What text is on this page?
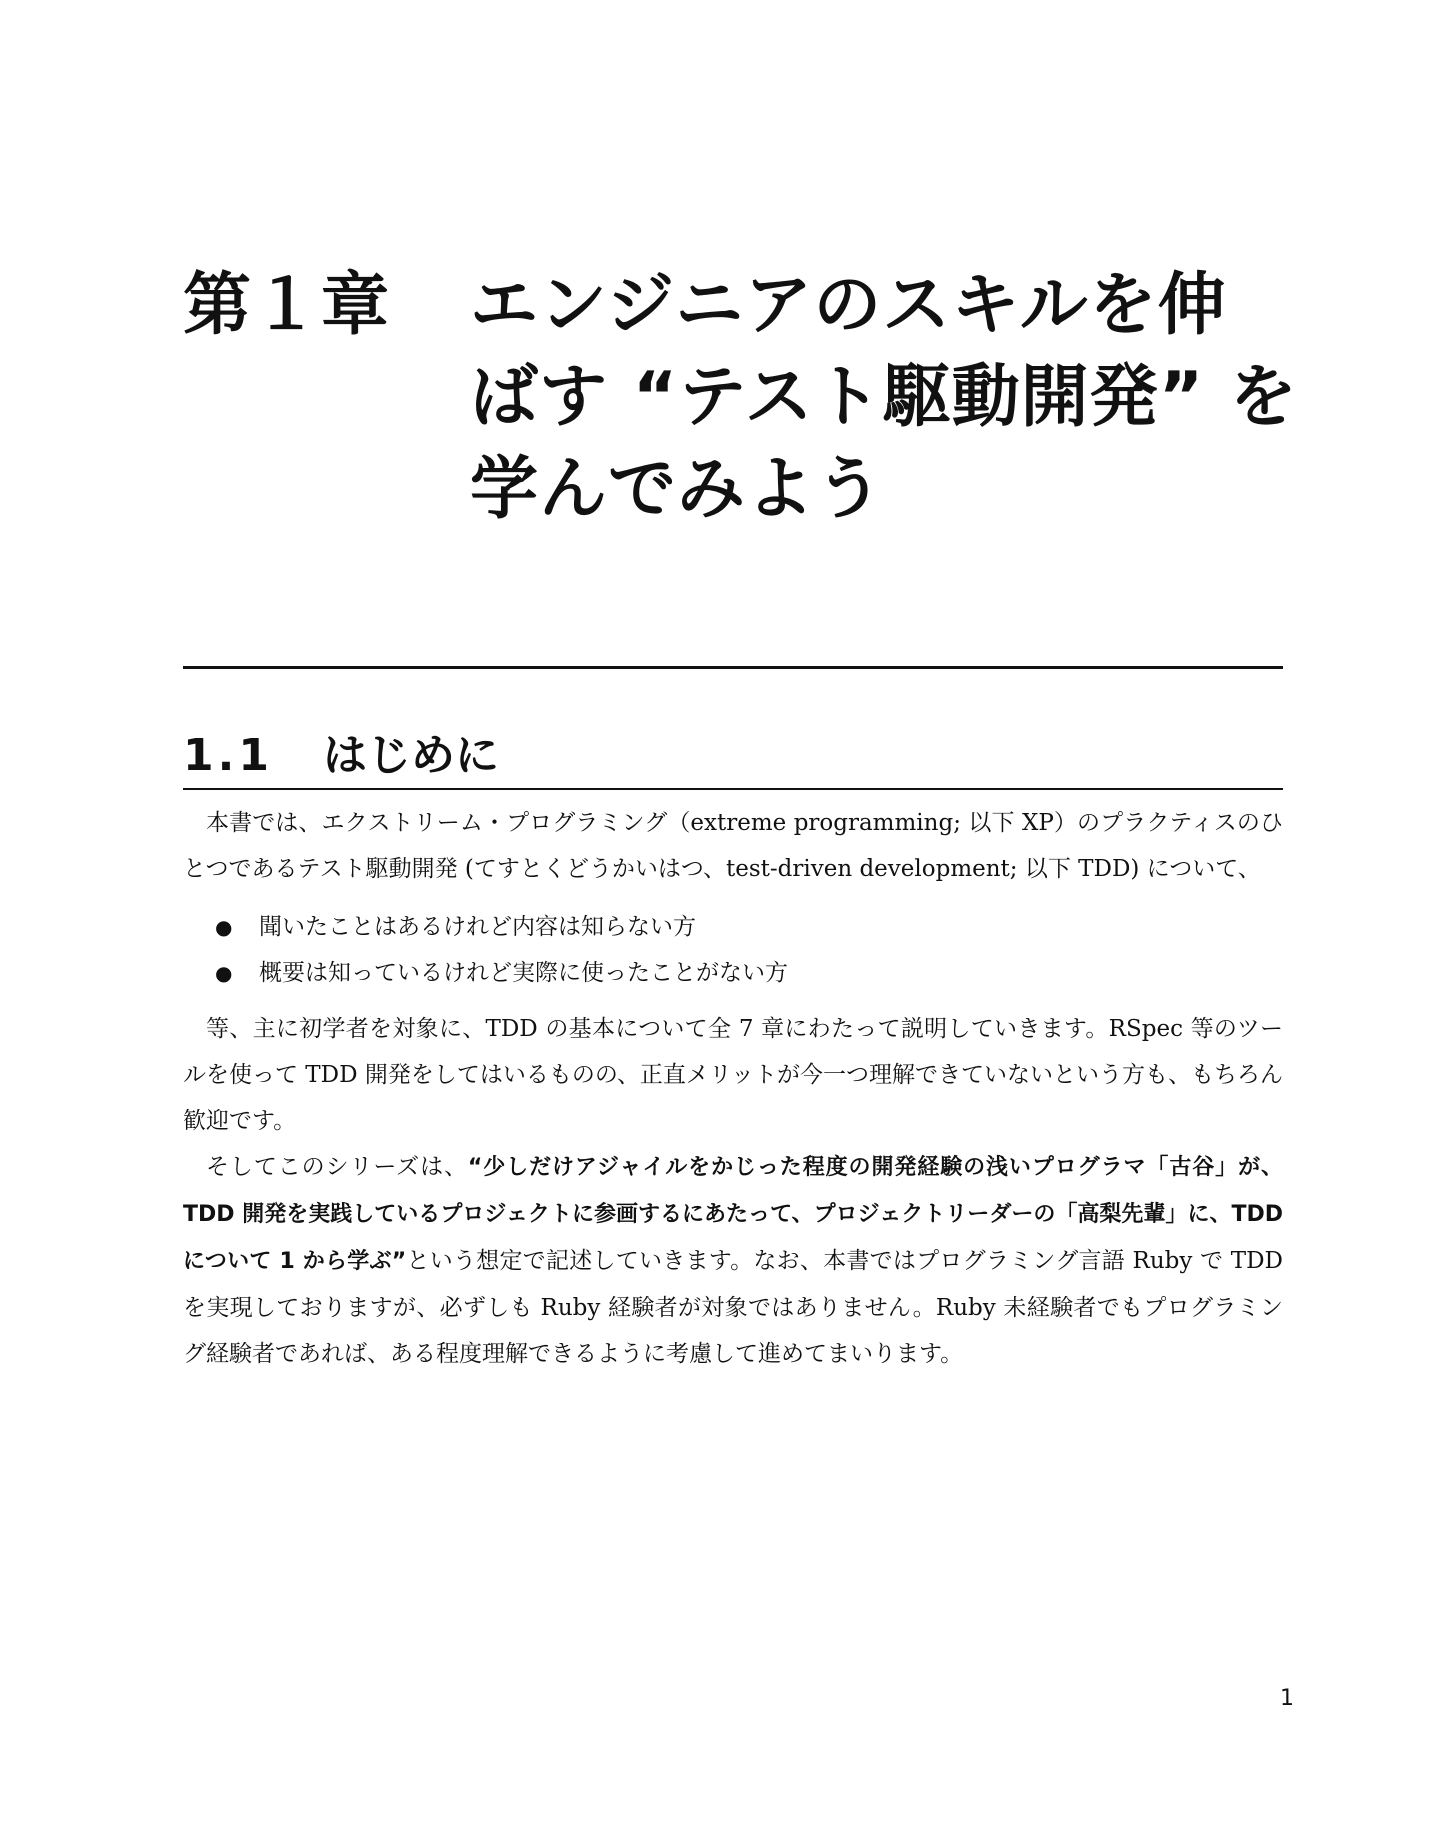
第１章	エンジニアのスキルを伸
ばす “テスト駆動開発” を
学んでみよう
1.1	はじめに

本書では、エクストリーム・プログラミング（extreme programming; 以下 XP）のプラクティスのひとつであるテスト駆動開発 (てすとくどうかいはつ、test-driven development; 以下 TDD) について、

●	聞いたことはあるけれど内容は知らない方
●	概要は知っているけれど実際に使ったことがない方

等、主に初学者を対象に、TDD の基本について全 7 章にわたって説明していきます。RSpec 等のツールを使って TDD 開発をしてはいるものの、正直メリットが今一つ理解できていないという方も、もちろん歓迎です。

そしてこのシリーズは、“少しだけアジャイルをかじった程度の開発経験の浅いプログラマ「古谷」が、TDD 開発を実践しているプロジェクトに参画するにあたって、プロジェクトリーダーの「高梨先輩」に、TDD について 1 から学ぶ”という想定で記述していきます。なお、本書ではプログラミング言語 Ruby で TDD を実現しておりますが、必ずしも Ruby 経験者が対象ではありません。Ruby 未経験者でもプログラミング経験者であれば、ある程度理解できるように考慮して進めてまいります。

1
